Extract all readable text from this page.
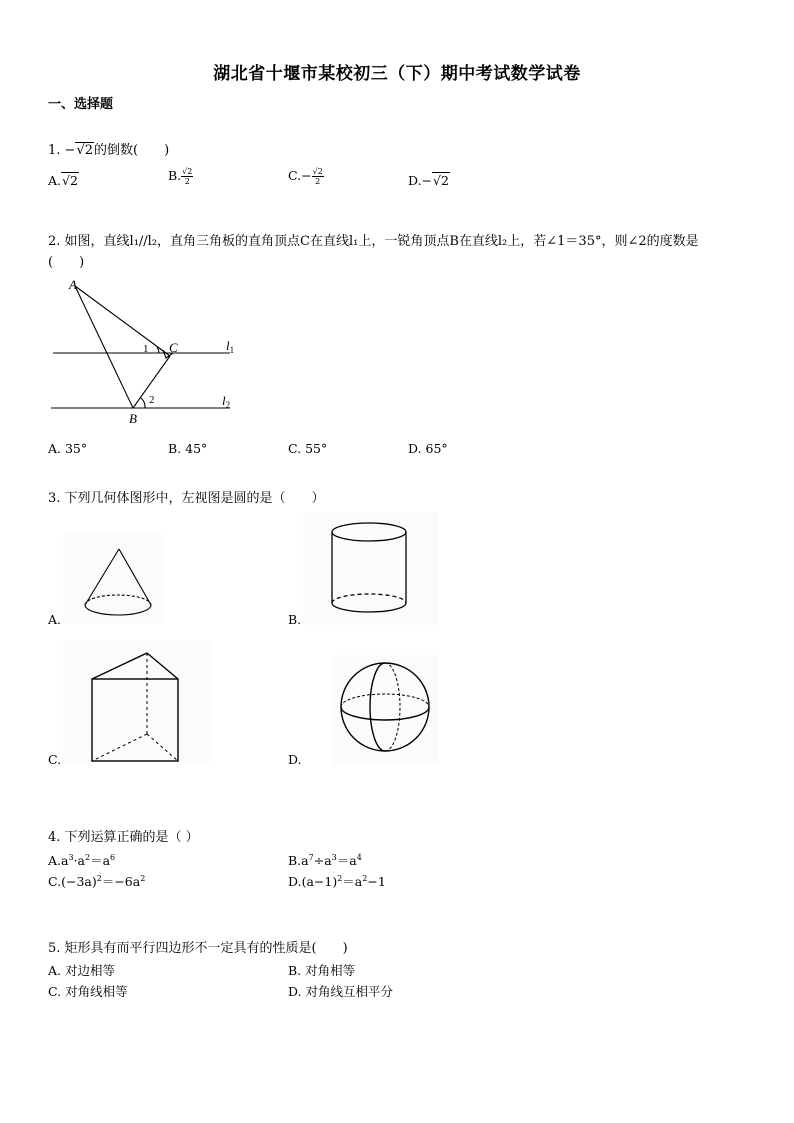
湖北省十堰市某校初三（下）期中考试数学试卷
一、选择题
1. −√2的倒数(　　)
A.√2	B. $\frac{√2}{2}$	$C.- \frac{√2}{2}$	D.−√2
2. 如图，直线l₁//l₂，直角三角板的直角顶点C在直线l₁上，一锐角顶点B在直线l₂上，若∠1＝35°，则∠2的度数是
(　　)
A
B
C	$l_1$
$l_2$
1
2
A. 35°	B. 45°	C. 55°	D. 65°
3. 下列几何体图形中，左视图是圆的是（　　）
A.	B.
C.	D.
4. 下列运算正确的是（ ）
$A.a^3\cdot a^2=a^6$	$B.a^7\div a^3=a^4$
$C.(-3a)^2=-6a^2$	$D.(a-1)^2=a^2-1$
5. 矩形具有而平行四边形不一定具有的性质是(　　)
A. 对边相等	B. 对角相等
C. 对角线相等	D. 对角线互相平分
